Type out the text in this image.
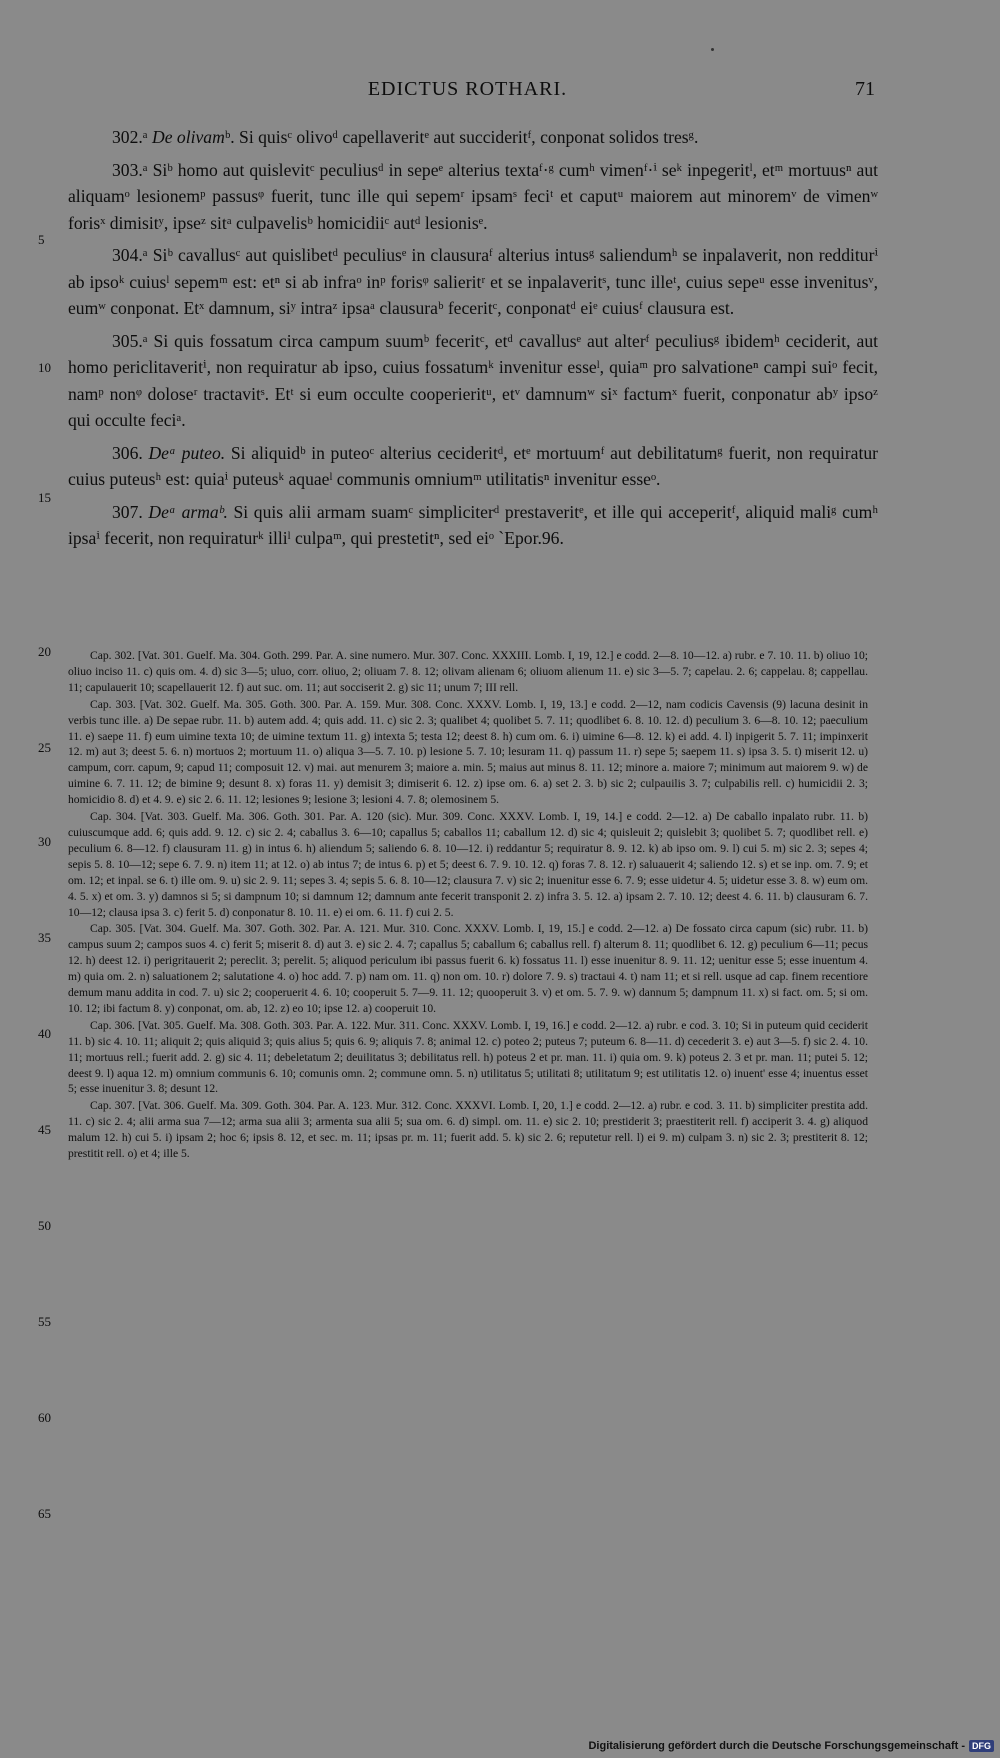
EDICTUS ROTHARI.	71
5
10
15
20
25
30
35
40
45
50
55
60
65

302.ᵃ De olivamᵇ. Si quisᶜ olivoᵈ capellaveritᵉ aut succideritᶠ, conponat solidos tresᵍ.

303.ᵃ Siᵇ homo aut quislevitᶜ peculiusᵈ in sepeᵉ alterius textaᶠ·ᵍ cumʰ vimenᶠ·ⁱ seᵏ inpegeritˡ, etᵐ mortuusⁿ aut aliquamᵒ lesionemᵖ passusᵠ fuerit, tunc ille qui sepemʳ ipsamˢ feciᵗ et caputᵘ maiorem aut minoremᵛ de vimenʷ forisˣ dimisitʸ, ipseᶻ sitᵃ culpavelisᵇ homicidiiᶜ autᵈ lesionisᵉ.

304.ᵃ Siᵇ cavallusᶜ aut quislibetᵈ peculiusᵉ in clausuraᶠ alterius intusᵍ saliendumʰ se inpalaverit, non redditurⁱ ab ipsoᵏ cuiusˡ sepemᵐ est: etⁿ si ab infraᵒ inᵖ forisᵠ salieritʳ et se inpalaveritˢ, tunc illeᵗ, cuius sepeᵘ esse invenitusᵛ, eumʷ conponat. Etˣ damnum, siʸ intraᶻ ipsaᵃ clausuraᵇ feceritᶜ, conponatᵈ eiᵉ cuiusᶠ clausura est.

305.ᵃ Si quis fossatum circa campum suumᵇ feceritᶜ, etᵈ cavallusᵉ aut alterᶠ peculiusᵍ ibidemʰ ceciderit, aut homo periclitaveritⁱ, non requiratur ab ipso, cuius fossatumᵏ invenitur esseˡ, quiaᵐ pro salvationeⁿ campi suiᵒ fecit, namᵖ nonᵠ doloseʳ tractavitˢ. Etᵗ si eum occulte cooperieritᵘ, etᵛ damnumʷ siˣ factumˣ fuerit, conponatur abʸ ipsoᶻ qui occulte feciᵃ.

306. Deᵃ puteo. Si aliquidᵇ in puteoᶜ alterius cecideritᵈ, etᵉ mortuumᶠ aut debilitatumᵍ fuerit, non requiratur cuius puteusʰ est: quiaⁱ puteusᵏ aquaeˡ communis omniumᵐ utilitatisⁿ invenitur esseᵒ.

307. Deᵃ armaᵇ. Si quis alii armam suamᶜ simpliciterᵈ prestaveritᵉ, et ille qui acceperitᶠ, aliquid maliᵍ cumʰ ipsaⁱ fecerit, non requiraturᵏ illiˡ culpaᵐ, qui prestetitⁿ, sed eiᵒ ˋEpor.96.

Cap. 302. [Vat. 301. Guelf. Ma. 304. Goth. 299. Par. A. sine numero. Mur. 307. Conc. XXXIII. Lomb. I, 19, 12.] e codd. 2—8. 10—12. a) rubr. e 7. 10. 11. b) oliuo 10; oliuo inciso 11. c) quis om. 4. d) sic 3—5; uluo, corr. oliuo, 2; oliuam 7. 8. 12; olivam alienam 6; oliuom alienum 11. e) sic 3—5. 7; capelau. 2. 6; cappelau. 8; cappellau. 11; capulauerit 10; scapellauerit 12. f) aut suc. om. 11; aut socciserit 2. g) sic 11; unum 7; III rell.

Cap. 303. [Vat. 302. Guelf. Ma. 305. Goth. 300. Par. A. 159. Mur. 308. Conc. XXXV. Lomb. I, 19, 13.] e codd. 2—12, nam codicis Cavensis (9) lacuna desinit in verbis tunc ille. a) De sepae rubr. 11. b) autem add. 4; quis add. 11. c) sic 2. 3; qualibet 4; quolibet 5. 7. 11; quodlibet 6. 8. 10. 12. d) peculium 3. 6—8. 10. 12; paeculium 11. e) saepe 11. f) eum uimine texta 10; de uimine textum 11. g) intexta 5; testa 12; deest 8. h) cum om. 6. i) uimine 6—8. 12. k) ei add. 4. l) inpigerit 5. 7. 11; impinxerit 12. m) aut 3; deest 5. 6. n) mortuos 2; mortuum 11. o) aliqua 3—5. 7. 10. p) lesione 5. 7. 10; lesuram 11. q) passum 11. r) sepe 5; saepem 11. s) ipsa 3. 5. t) miserit 12. u) campum, corr. capum, 9; capud 11; composuit 12. v) mai. aut menurem 3; maiore a. min. 5; maius aut minus 8. 11. 12; minore a. maiore 7; minimum aut maiorem 9. w) de uimine 6. 7. 11. 12; de bimine 9; desunt 8. x) foras 11. y) demisit 3; dimiserit 6. 12. z) ipse om. 6. a) set 2. 3. b) sic 2; culpauilis 3. 7; culpabilis rell. c) humicidii 2. 3; homicidio 8. d) et 4. 9. e) sic 2. 6. 11. 12; lesiones 9; lesione 3; lesioni 4. 7. 8; olemosinem 5.

Cap. 304. [Vat. 303. Guelf. Ma. 306. Goth. 301. Par. A. 120 (sic). Mur. 309. Conc. XXXV. Lomb. I, 19, 14.] e codd. 2—12. a) De caballo inpalato rubr. 11. b) cuiuscumque add. 6; quis add. 9. 12. c) sic 2. 4; caballus 3. 6—10; capallus 5; caballos 11; caballum 12. d) sic 4; quisleuit 2; quislebit 3; quolibet 5. 7; quodlibet rell. e) peculium 6. 8—12. f) clausuram 11. g) in intus 6. h) aliendum 5; saliendo 6. 8. 10—12. i) reddantur 5; requiratur 8. 9. 12. k) ab ipso om. 9. l) cui 5. m) sic 2. 3; sepes 4; sepis 5. 8. 10—12; sepe 6. 7. 9. n) item 11; at 12. o) ab intus 7; de intus 6. p) et 5; deest 6. 7. 9. 10. 12. q) foras 7. 8. 12. r) saluauerit 4; saliendo 12. s) et se inp. om. 7. 9; et om. 12; et inpal. se 6. t) ille om. 9. u) sic 2. 9. 11; sepes 3. 4; sepis 5. 6. 8. 10—12; clausura 7. v) sic 2; inuenitur esse 6. 7. 9; esse uidetur 4. 5; uidetur esse 3. 8. w) eum om. 4. 5. x) et om. 3. y) damnos si 5; si dampnum 10; si damnum 12; damnum ante fecerit transponit 2. z) infra 3. 5. 12. a) ipsam 2. 7. 10. 12; deest 4. 6. 11. b) clausuram 6. 7. 10—12; clausa ipsa 3. c) ferit 5. d) conponatur 8. 10. 11. e) ei om. 6. 11. f) cui 2. 5.

Cap. 305. [Vat. 304. Guelf. Ma. 307. Goth. 302. Par. A. 121. Mur. 310. Conc. XXXV. Lomb. I, 19, 15.] e codd. 2—12. a) De fossato circa capum (sic) rubr. 11. b) campus suum 2; campos suos 4. c) ferit 5; miserit 8. d) aut 3. e) sic 2. 4. 7; capallus 5; caballum 6; caballus rell. f) alterum 8. 11; quodlibet 6. 12. g) peculium 6—11; pecus 12. h) deest 12. i) perigritauerit 2; pereclit. 3; perelit. 5; aliquod periculum ibi passus fuerit 6. k) fossatus 11. l) esse inuenitur 8. 9. 11. 12; uenitur esse 5; esse inuentum 4. m) quia om. 2. n) saluationem 2; salutatione 4. o) hoc add. 7. p) nam om. 11. q) non om. 10. r) dolore 7. 9. s) tractaui 4. t) nam 11; et si rell. usque ad cap. finem recentiore demum manu addita in cod. 7. u) sic 2; cooperuerit 4. 6. 10; cooperuit 5. 7—9. 11. 12; quooperuit 3. v) et om. 5. 7. 9. w) dannum 5; dampnum 11. x) si fact. om. 5; si om. 10. 12; ibi factum 8. y) conponat, om. ab, 12. z) eo 10; ipse 12. a) cooperuit 10.

Cap. 306. [Vat. 305. Guelf. Ma. 308. Goth. 303. Par. A. 122. Mur. 311. Conc. XXXV. Lomb. I, 19, 16.] e codd. 2—12. a) rubr. e cod. 3. 10; Si in puteum quid ceciderit 11. b) sic 4. 10. 11; aliquit 2; quis aliquid 3; quis alius 5; quis 6. 9; aliquis 7. 8; animal 12. c) poteo 2; puteus 7; puteum 6. 8—11. d) cecederit 3. e) aut 3—5. f) sic 2. 4. 10. 11; mortuus rell.; fuerit add. 2. g) sic 4. 11; debeletatum 2; deuilitatus 3; debilitatus rell. h) poteus 2 et pr. man. 11. i) quia om. 9. k) poteus 2. 3 et pr. man. 11; putei 5. 12; deest 9. l) aqua 12. m) omnium communis 6. 10; comunis omn. 2; commune omn. 5. n) utilitatus 5; utilitati 8; utilitatum 9; est utilitatis 12. o) inuent' esse 4; inuentus esset 5; esse inuenitur 3. 8; desunt 12.

Cap. 307. [Vat. 306. Guelf. Ma. 309. Goth. 304. Par. A. 123. Mur. 312. Conc. XXXVI. Lomb. I, 20, 1.] e codd. 2—12. a) rubr. e cod. 3. 11. b) simpliciter prestita add. 11. c) sic 2. 4; alii arma sua 7—12; arma sua alii 3; armenta sua alii 5; sua om. 6. d) simpl. om. 11. e) sic 2. 10; prestiderit 3; praestiterit rell. f) acciperit 3. 4. g) aliquod malum 12. h) cui 5. i) ipsam 2; hoc 6; ipsis 8. 12, et sec. m. 11; ipsas pr. m. 11; fuerit add. 5. k) sic 2. 6; reputetur rell. l) ei 9. m) culpam 3. n) sic 2. 3; prestiterit 8. 12; prestitit rell. o) et 4; ille 5.

Digitalisierung gefördert durch die Deutsche Forschungsgemeinschaft - DFG
